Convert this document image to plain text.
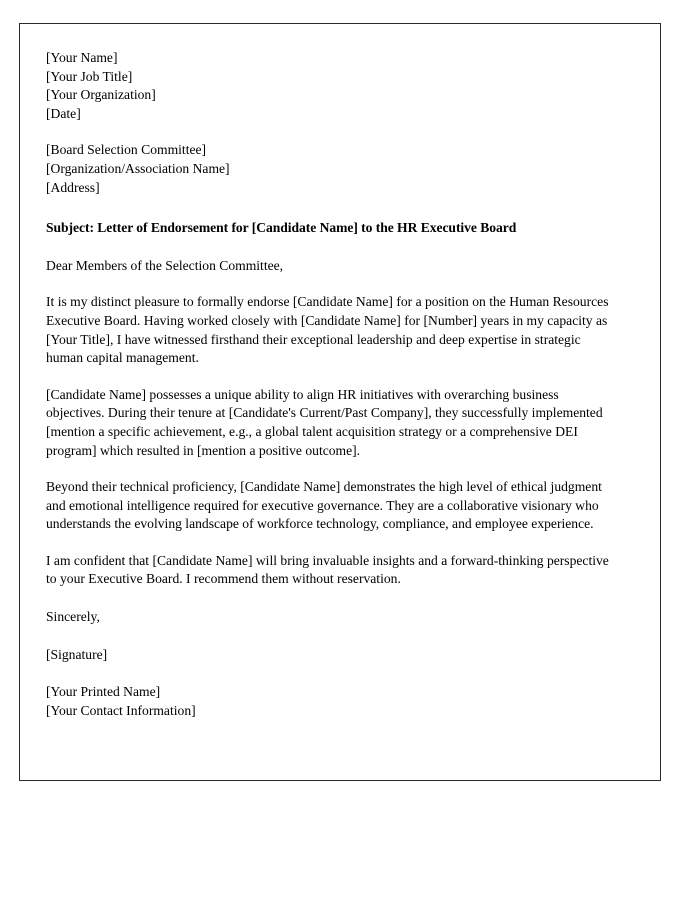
[Your Name]
[Your Job Title]
[Your Organization]
[Date]
[Board Selection Committee]
[Organization/Association Name]
[Address]
Subject: Letter of Endorsement for [Candidate Name] to the HR Executive Board
Dear Members of the Selection Committee,

It is my distinct pleasure to formally endorse [Candidate Name] for a position on the Human Resources Executive Board. Having worked closely with [Candidate Name] for [Number] years in my capacity as [Your Title], I have witnessed firsthand their exceptional leadership and deep expertise in strategic human capital management.

[Candidate Name] possesses a unique ability to align HR initiatives with overarching business objectives. During their tenure at [Candidate's Current/Past Company], they successfully implemented [mention a specific achievement, e.g., a global talent acquisition strategy or a comprehensive DEI program] which resulted in [mention a positive outcome].

Beyond their technical proficiency, [Candidate Name] demonstrates the high level of ethical judgment and emotional intelligence required for executive governance. They are a collaborative visionary who understands the evolving landscape of workforce technology, compliance, and employee experience.

I am confident that [Candidate Name] will bring invaluable insights and a forward-thinking perspective to your Executive Board. I recommend them without reservation.

Sincerely,
[Signature]
[Your Printed Name]
[Your Contact Information]
